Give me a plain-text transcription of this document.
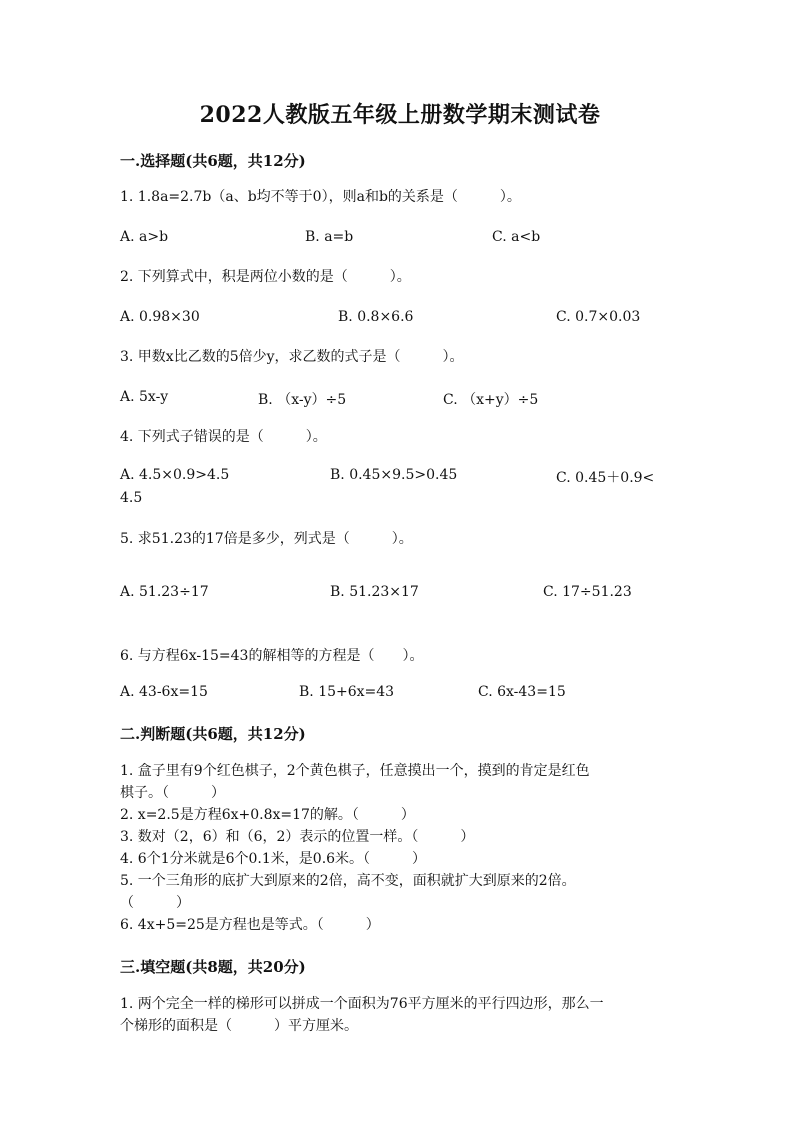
2022人教版五年级上册数学期末测试卷
一.选择题(共6题，共12分)
1. 1.8a=2.7b（a、b均不等于0），则a和b的关系是（　　　）。
A. a>b	B. a=b	C. a<b
2. 下列算式中，积是两位小数的是（　　　）。
A. 0.98×30	B. 0.8×6.6	C. 0.7×0.03
3. 甲数x比乙数的5倍少y，求乙数的式子是（　　　）。
A. 5x-y	B. （x-y）÷5	C. （x+y）÷5
4. 下列式子错误的是（　　　）。
A. 4.5×0.9>4.5	B. 0.45×9.5>0.45	C. 0.45＋0.9<
4.5
5. 求51.23的17倍是多少，列式是（　　　）。
A. 51.23÷17	B. 51.23×17	C. 17÷51.23
6. 与方程6x-15=43的解相等的方程是（　　）。
A. 43-6x=15	B. 15+6x=43	C. 6x-43=15
二.判断题(共6题，共12分)
1. 盒子里有9个红色棋子，2个黄色棋子，任意摸出一个，摸到的肯定是红色
棋子。（　　　）
2. x=2.5是方程6x+0.8x=17的解。（　　　）
3. 数对（2，6）和（6，2）表示的位置一样。（　　　）
4. 6个1分米就是6个0.1米，是0.6米。（　　　）
5. 一个三角形的底扩大到原来的2倍，高不变，面积就扩大到原来的2倍。
（　　　）
6. 4x+5=25是方程也是等式。（　　　）
三.填空题(共8题，共20分)
1. 两个完全一样的梯形可以拼成一个面积为76平方厘米的平行四边形，那么一
个梯形的面积是（　　　）平方厘米。
